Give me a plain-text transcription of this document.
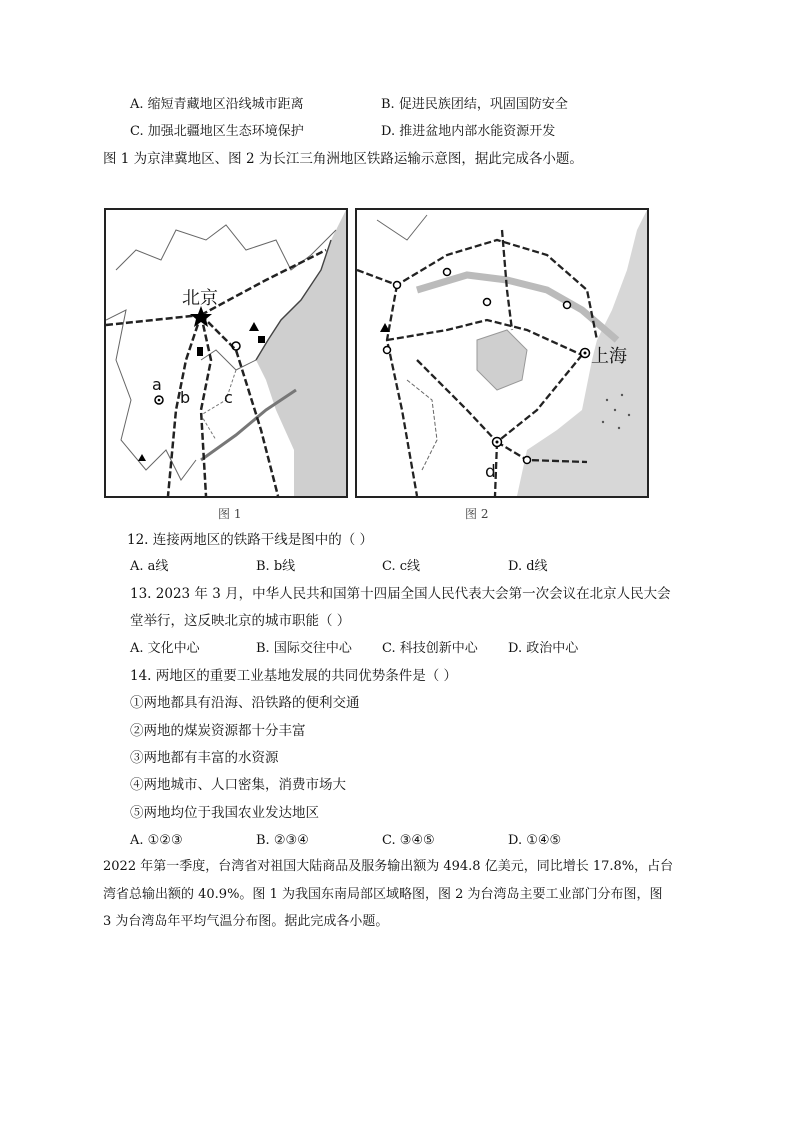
A. 缩短青藏地区沿线城市距离	B. 促进民族团结，巩固国防安全
C. 加强北疆地区生态环境保护	D. 推进盆地内部水能资源开发
图 1 为京津冀地区、图 2 为长江三角洲地区铁路运输示意图，据此完成各小题。
北京
a
b c
上海
d
图 1	图 2
12. 连接两地区的铁路干线是图中的（ ）
A. a线	B. b线	C. c线	D. d线
13. 2023 年 3 月，中华人民共和国第十四届全国人民代表大会第一次会议在北京人民大会
堂举行，这反映北京的城市职能（ ）
A. 文化中心	B. 国际交往中心 C. 科技创新中心 D. 政治中心
14. 两地区的重要工业基地发展的共同优势条件是（ ）
①两地都具有沿海、沿铁路的便利交通
②两地的煤炭资源都十分丰富
③两地都有丰富的水资源
④两地城市、人口密集，消费市场大
⑤两地均位于我国农业发达地区
A. ①②③	B. ②③④	C. ③④⑤	D. ①④⑤
2022 年第一季度，台湾省对祖国大陆商品及服务输出额为 494.8 亿美元，同比增长 17.8%，占台
湾省总输出额的 40.9%。图 1 为我国东南局部区域略图，图 2 为台湾岛主要工业部门分布图，图
3 为台湾岛年平均气温分布图。据此完成各小题。
